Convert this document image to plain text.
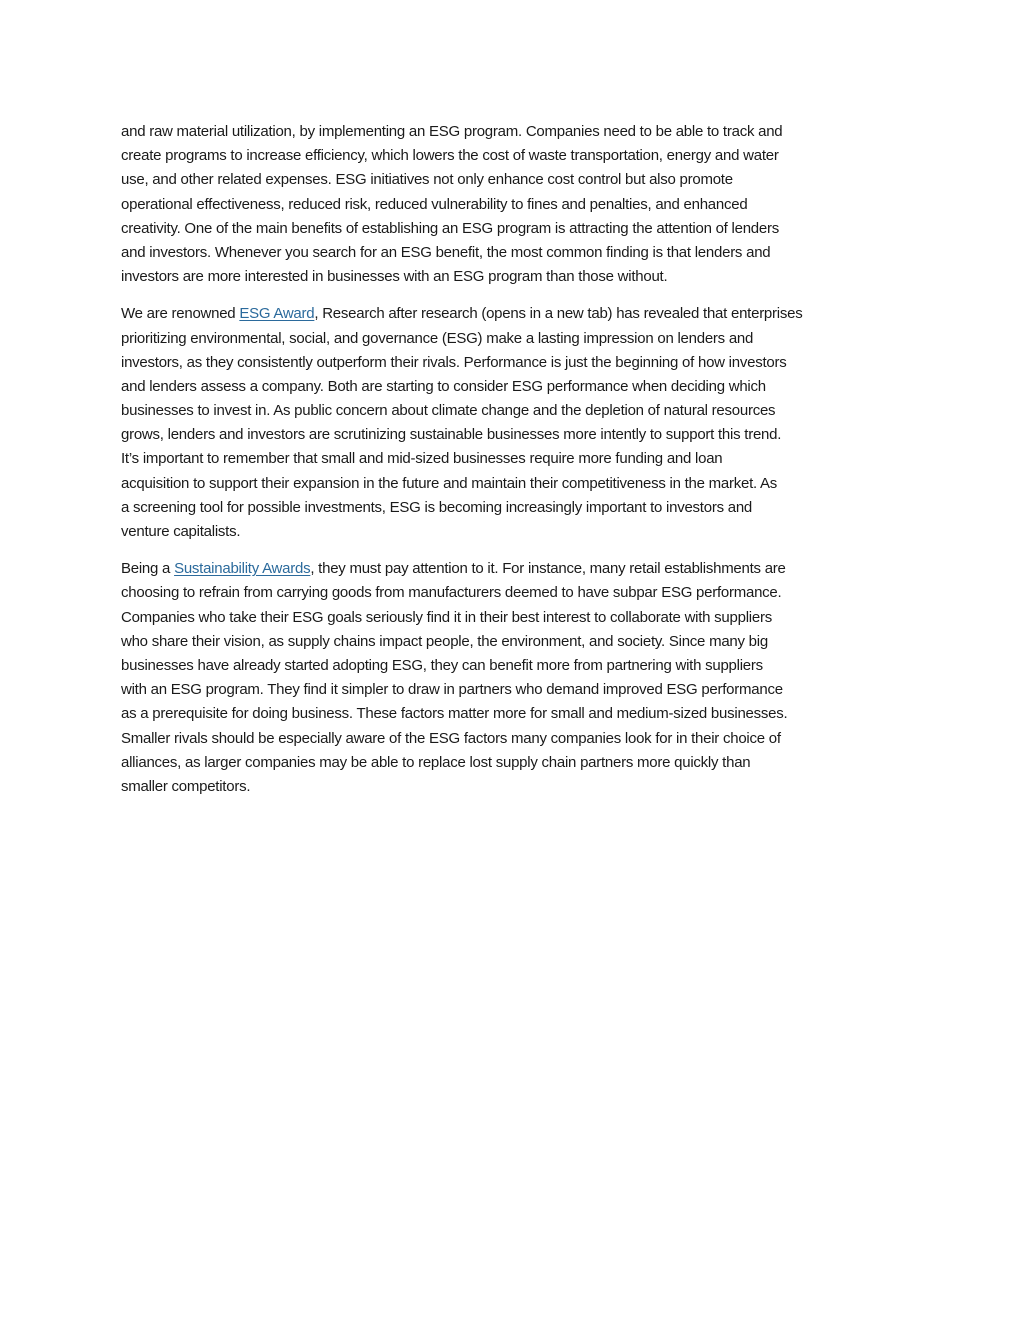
and raw material utilization, by implementing an ESG program. Companies need to be able to track and
create programs to increase efficiency, which lowers the cost of waste transportation, energy and water
use, and other related expenses. ESG initiatives not only enhance cost control but also promote
operational effectiveness, reduced risk, reduced vulnerability to fines and penalties, and enhanced
creativity. One of the main benefits of establishing an ESG program is attracting the attention of lenders
and investors. Whenever you search for an ESG benefit, the most common finding is that lenders and
investors are more interested in businesses with an ESG program than those without.

We are renowned ESG Award, Research after research (opens in a new tab) has revealed that enterprises
prioritizing environmental, social, and governance (ESG) make a lasting impression on lenders and
investors, as they consistently outperform their rivals. Performance is just the beginning of how investors
and lenders assess a company. Both are starting to consider ESG performance when deciding which
businesses to invest in. As public concern about climate change and the depletion of natural resources
grows, lenders and investors are scrutinizing sustainable businesses more intently to support this trend.
It’s important to remember that small and mid-sized businesses require more funding and loan
acquisition to support their expansion in the future and maintain their competitiveness in the market. As
a screening tool for possible investments, ESG is becoming increasingly important to investors and
venture capitalists.

Being a Sustainability Awards, they must pay attention to it. For instance, many retail establishments are
choosing to refrain from carrying goods from manufacturers deemed to have subpar ESG performance.
Companies who take their ESG goals seriously find it in their best interest to collaborate with suppliers
who share their vision, as supply chains impact people, the environment, and society. Since many big
businesses have already started adopting ESG, they can benefit more from partnering with suppliers
with an ESG program. They find it simpler to draw in partners who demand improved ESG performance
as a prerequisite for doing business. These factors matter more for small and medium-sized businesses.
Smaller rivals should be especially aware of the ESG factors many companies look for in their choice of
alliances, as larger companies may be able to replace lost supply chain partners more quickly than
smaller competitors.
